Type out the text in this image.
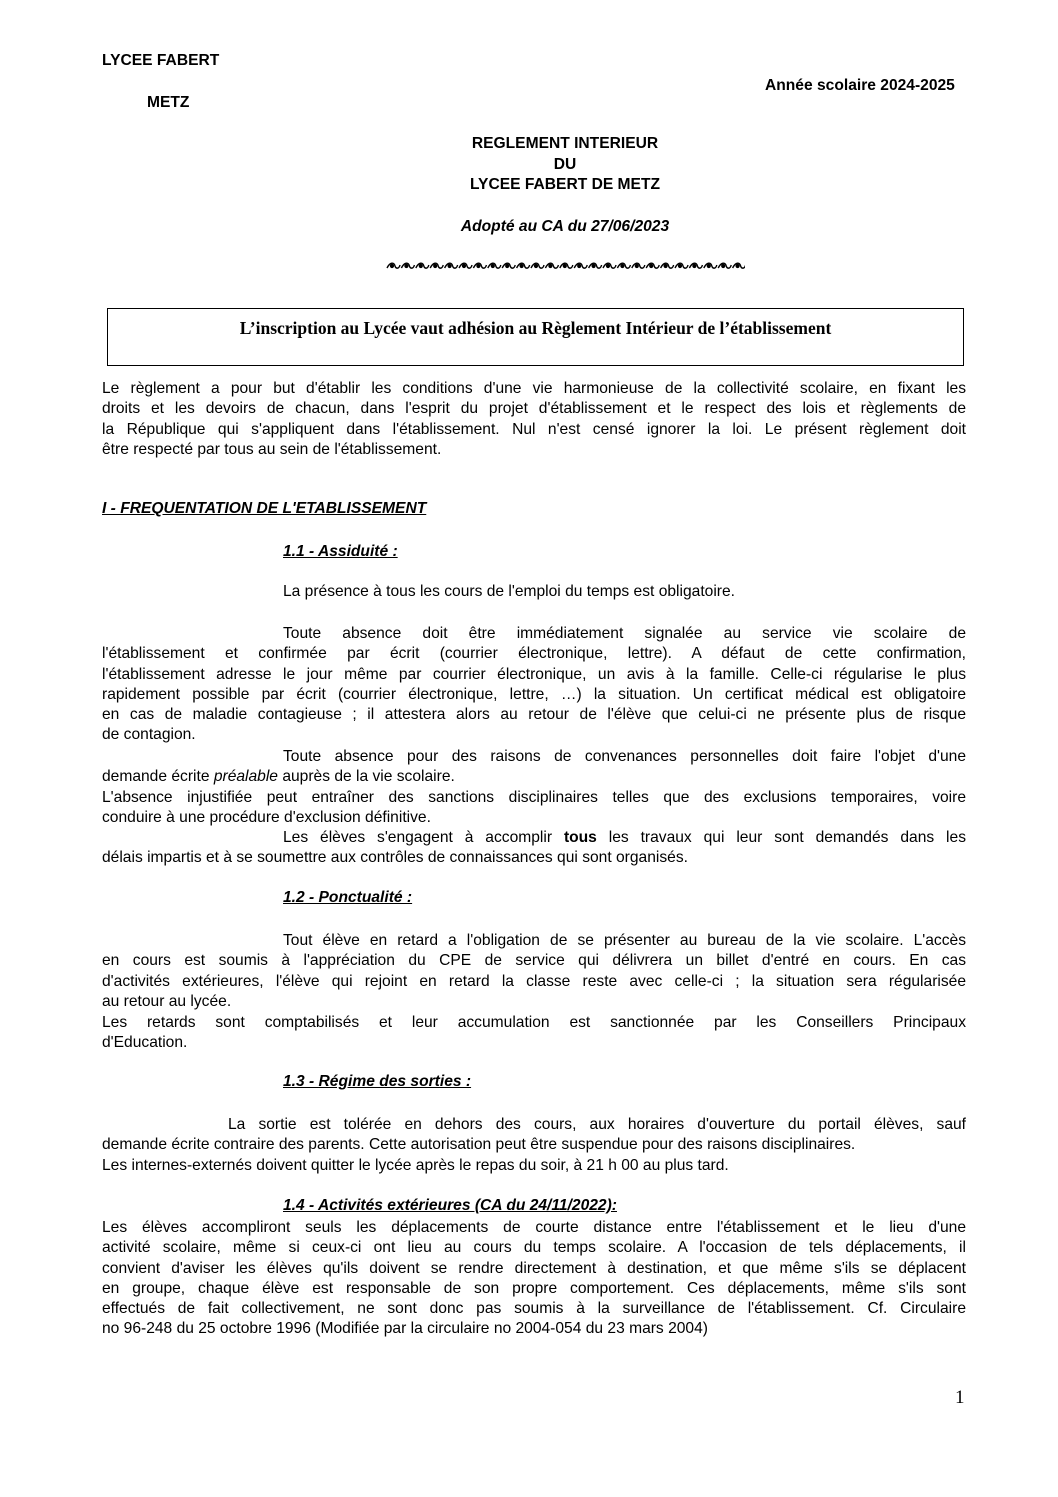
LYCEE FABERT
METZ
Année scolaire 2024-2025
REGLEMENT INTERIEUR
DU
LYCEE FABERT DE METZ
Adopté au CA du 27/06/2023
L’inscription au Lycée vaut adhésion au Règlement Intérieur de l’établissement
Le règlement a pour but d'établir les conditions d'une vie harmonieuse de la collectivité scolaire, en fixant les
droits et les devoirs de chacun, dans l'esprit du projet d'établissement et le respect des lois et règlements de
la République qui s'appliquent dans l'établissement. Nul n'est censé ignorer la loi. Le présent règlement doit
être respecté par tous au sein de l'établissement.
I - FREQUENTATION DE L'ETABLISSEMENT
1.1 - Assiduité :
La présence à tous les cours de l'emploi du temps est obligatoire.
Toute absence doit être immédiatement signalée au service vie scolaire de
l'établissement et confirmée par écrit (courrier électronique, lettre). A défaut de cette confirmation,
l'établissement adresse le jour même par courrier électronique, un avis à la famille. Celle-ci régularise le plus
rapidement possible par écrit (courrier électronique, lettre, …) la situation. Un certificat médical est obligatoire
en cas de maladie contagieuse ; il attestera alors au retour de l'élève que celui-ci ne présente plus de risque
de contagion.
Toute absence pour des raisons de convenances personnelles doit faire l'objet d'une
demande écrite préalable auprès de la vie scolaire.
L'absence injustifiée peut entraîner des sanctions disciplinaires telles que des exclusions temporaires, voire
conduire à une procédure d'exclusion définitive.
Les élèves s'engagent à accomplir tous les travaux qui leur sont demandés dans les
délais impartis et à se soumettre aux contrôles de connaissances qui sont organisés.
1.2 - Ponctualité :
Tout élève en retard a l'obligation de se présenter au bureau de la vie scolaire. L'accès
en cours est soumis à l'appréciation du CPE de service qui délivrera un billet d'entré en cours. En cas
d'activités extérieures, l'élève qui rejoint en retard la classe reste avec celle-ci ; la situation sera régularisée
au retour au lycée.
Les retards sont comptabilisés et leur accumulation est sanctionnée par les Conseillers Principaux
d'Education.
1.3 - Régime des sorties :
La sortie est tolérée en dehors des cours, aux horaires d'ouverture du portail élèves, sauf
demande écrite contraire des parents. Cette autorisation peut être suspendue pour des raisons disciplinaires.
Les internes-externés doivent quitter le lycée après le repas du soir, à 21 h 00 au plus tard.
1.4 - Activités extérieures (CA du 24/11/2022):
Les élèves accompliront seuls les déplacements de courte distance entre l'établissement et le lieu d'une
activité scolaire, même si ceux-ci ont lieu au cours du temps scolaire. A l'occasion de tels déplacements, il
convient d'aviser les élèves qu'ils doivent se rendre directement à destination, et que même s'ils se déplacent
en groupe, chaque élève est responsable de son propre comportement. Ces déplacements, même s'ils sont
effectués de fait collectivement, ne sont donc pas soumis à la surveillance de l'établissement. Cf. Circulaire
no 96-248 du 25 octobre 1996 (Modifiée par la circulaire no 2004-054 du 23 mars 2004)
1
